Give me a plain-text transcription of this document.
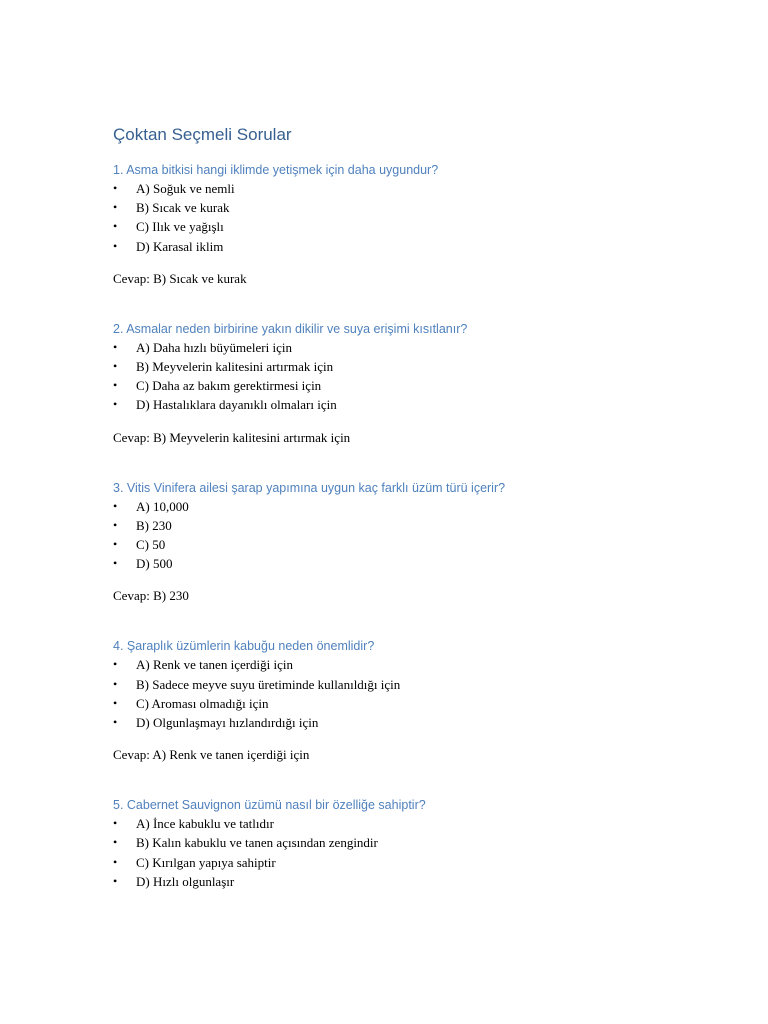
Çoktan Seçmeli Sorular

1. Asma bitkisi hangi iklimde yetişmek için daha uygundur?

• A) Soğuk ve nemli
• B) Sıcak ve kurak
• C) Ilık ve yağışlı
• D) Karasal iklim

Cevap: B) Sıcak ve kurak

2. Asmalar neden birbirine yakın dikilir ve suya erişimi kısıtlanır?

• A) Daha hızlı büyümeleri için
• B) Meyvelerin kalitesini artırmak için
• C) Daha az bakım gerektirmesi için
• D) Hastalıklara dayanıklı olmaları için

Cevap: B) Meyvelerin kalitesini artırmak için

3. Vitis Vinifera ailesi şarap yapımına uygun kaç farklı üzüm türü içerir?

• A) 10,000
• B) 230
• C) 50
• D) 500

Cevap: B) 230

4. Şaraplık üzümlerin kabuğu neden önemlidir?

• A) Renk ve tanen içerdiği için
• B) Sadece meyve suyu üretiminde kullanıldığı için
• C) Aroması olmadığı için
• D) Olgunlaşmayı hızlandırdığı için

Cevap: A) Renk ve tanen içerdiği için

5. Cabernet Sauvignon üzümü nasıl bir özelliğe sahiptir?

• A) İnce kabuklu ve tatlıdır
• B) Kalın kabuklu ve tanen açısından zengindir
• C) Kırılgan yapıya sahiptir
• D) Hızlı olgunlaşır
